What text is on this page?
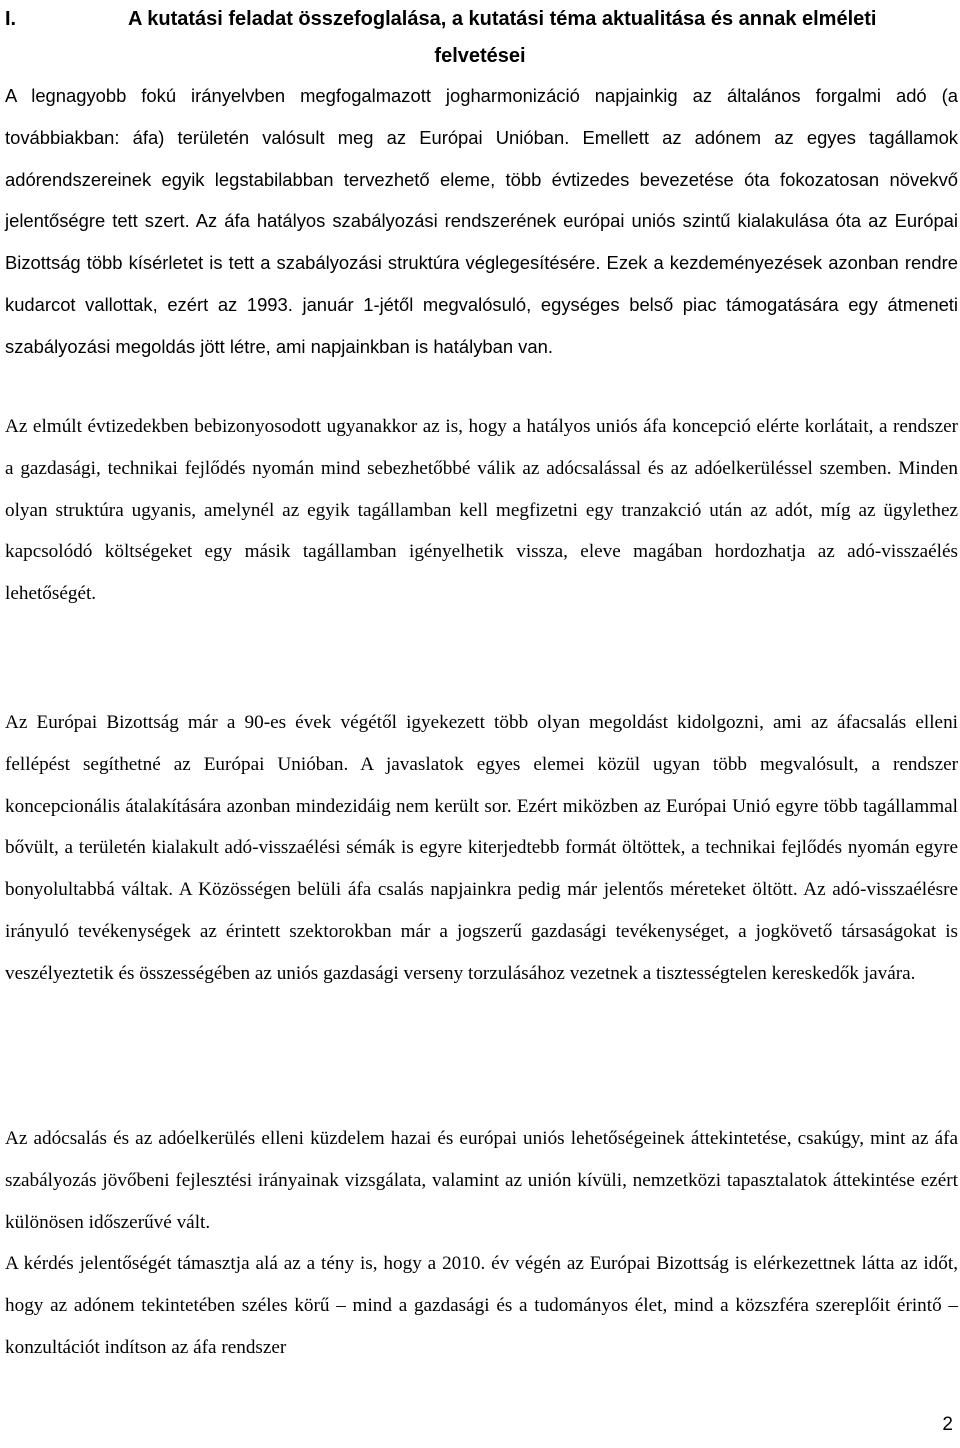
I.	A kutatási feladat összefoglalása, a kutatási téma aktualitása és annak elméleti
felvetései

A legnagyobb fokú irányelvben megfogalmazott jogharmonizáció napjainkig az általános forgalmi adó (a továbbiakban: áfa) területén valósult meg az Európai Unióban. Emellett az adónem az egyes tagállamok adórendszereinek egyik legstabilabban tervezhető eleme, több évtizedes bevezetése óta fokozatosan növekvő jelentőségre tett szert. Az áfa hatályos szabályozási rendszerének európai uniós szintű kialakulása óta az Európai Bizottság több kísérletet is tett a szabályozási struktúra véglegesítésére. Ezek a kezdeményezések azonban rendre kudarcot vallottak, ezért az 1993. január 1-jétől megvalósuló, egységes belső piac támogatására egy átmeneti szabályozási megoldás jött létre, ami napjainkban is hatályban van.

Az elmúlt évtizedekben bebizonyosodott ugyanakkor az is, hogy a hatályos uniós áfa koncepció elérte korlátait, a rendszer a gazdasági, technikai fejlődés nyomán mind sebezhetőbbé válik az adócsalással és az adóelkerüléssel szemben. Minden olyan struktúra ugyanis, amelynél az egyik tagállamban kell megfizetni egy tranzakció után az adót, míg az ügylethez kapcsolódó költségeket egy másik tagállamban igényelhetik vissza, eleve magában hordozhatja az adó-visszaélés lehetőségét.

Az Európai Bizottság már a 90-es évek végétől igyekezett több olyan megoldást kidolgozni, ami az áfacsalás elleni fellépést segíthetné az Európai Unióban. A javaslatok egyes elemei közül ugyan több megvalósult, a rendszer koncepcionális átalakítására azonban mindezidáig nem került sor. Ezért miközben az Európai Unió egyre több tagállammal bővült, a területén kialakult adó-visszaélési sémák is egyre kiterjedtebb formát öltöttek, a technikai fejlődés nyomán egyre bonyolultabbá váltak. A Közösségen belüli áfa csalás napjainkra pedig már jelentős méreteket öltött. Az adó-visszaélésre irányuló tevékenységek az érintett szektorokban már a jogszerű gazdasági tevékenységet, a jogkövető társaságokat is veszélyeztetik és összességében az uniós gazdasági verseny torzulásához vezetnek a tisztességtelen kereskedők javára.

Az adócsalás és az adóelkerülés elleni küzdelem hazai és európai uniós lehetőségeinek áttekintetése, csakúgy, mint az áfa szabályozás jövőbeni fejlesztési irányainak vizsgálata, valamint az unión kívüli, nemzetközi tapasztalatok áttekintése ezért különösen időszerűvé vált.

A kérdés jelentőségét támasztja alá az a tény is, hogy a 2010. év végén az Európai Bizottság is elérkezettnek látta az időt, hogy az adónem tekintetében széles körű – mind a gazdasági és a tudományos élet, mind a közszféra szereplőit érintő – konzultációt indítson az áfa rendszer

2
